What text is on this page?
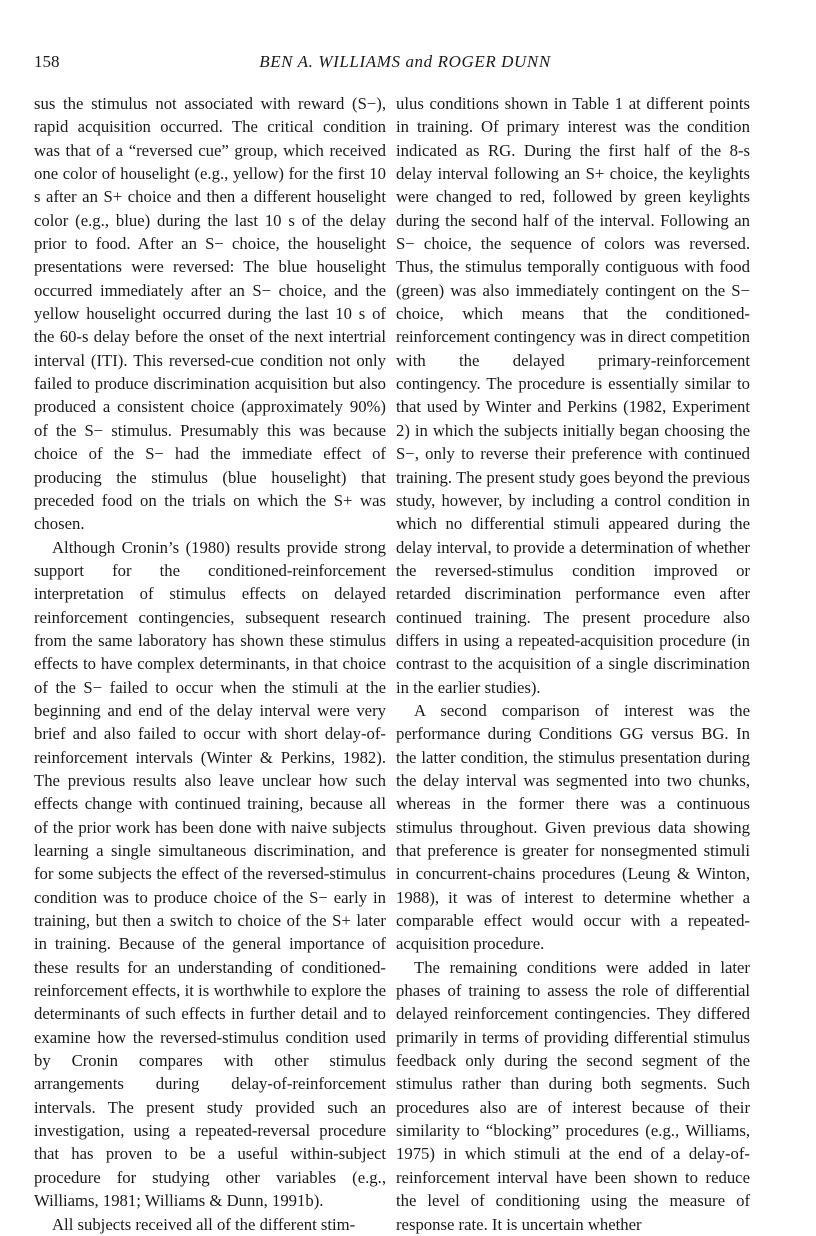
158	BEN A. WILLIAMS and ROGER DUNN

sus the stimulus not associated with reward (S−), rapid acquisition occurred. The critical condition was that of a “reversed cue” group, which received one color of houselight (e.g., yellow) for the first 10 s after an S+ choice and then a different houselight color (e.g., blue) during the last 10 s of the delay prior to food. After an S− choice, the houselight presentations were reversed: The blue houselight occurred immediately after an S− choice, and the yellow houselight occurred during the last 10 s of the 60-s delay before the onset of the next intertrial interval (ITI). This reversed-cue condition not only failed to produce discrimination acquisition but also produced a consistent choice (approximately 90%) of the S− stimulus. Presumably this was because choice of the S− had the immediate effect of producing the stimulus (blue houselight) that preceded food on the trials on which the S+ was chosen.

Although Cronin’s (1980) results provide strong support for the conditioned-reinforcement interpretation of stimulus effects on delayed reinforcement contingencies, subsequent research from the same laboratory has shown these stimulus effects to have complex determinants, in that choice of the S− failed to occur when the stimuli at the beginning and end of the delay interval were very brief and also failed to occur with short delay-of-reinforcement intervals (Winter & Perkins, 1982). The previous results also leave unclear how such effects change with continued training, because all of the prior work has been done with naive subjects learning a single simultaneous discrimination, and for some subjects the effect of the reversed-stimulus condition was to produce choice of the S− early in training, but then a switch to choice of the S+ later in training. Because of the general importance of these results for an understanding of conditioned-reinforcement effects, it is worthwhile to explore the determinants of such effects in further detail and to examine how the reversed-stimulus condition used by Cronin compares with other stimulus arrangements during delay-of-reinforcement intervals. The present study provided such an investigation, using a repeated-reversal procedure that has proven to be a useful within-subject procedure for studying other variables (e.g., Williams, 1981; Williams & Dunn, 1991b).

All subjects received all of the different stim-

ulus conditions shown in Table 1 at different points in training. Of primary interest was the condition indicated as RG. During the first half of the 8-s delay interval following an S+ choice, the keylights were changed to red, followed by green keylights during the second half of the interval. Following an S− choice, the sequence of colors was reversed. Thus, the stimulus temporally contiguous with food (green) was also immediately contingent on the S− choice, which means that the conditioned-reinforcement contingency was in direct competition with the delayed primary-reinforcement contingency. The procedure is essentially similar to that used by Winter and Perkins (1982, Experiment 2) in which the subjects initially began choosing the S−, only to reverse their preference with continued training. The present study goes beyond the previous study, however, by including a control condition in which no differential stimuli appeared during the delay interval, to provide a determination of whether the reversed-stimulus condition improved or retarded discrimination performance even after continued training. The present procedure also differs in using a repeated-acquisition procedure (in contrast to the acquisition of a single discrimination in the earlier studies).

A second comparison of interest was the performance during Conditions GG versus BG. In the latter condition, the stimulus presentation during the delay interval was segmented into two chunks, whereas in the former there was a continuous stimulus throughout. Given previous data showing that preference is greater for nonsegmented stimuli in concurrent-chains procedures (Leung & Winton, 1988), it was of interest to determine whether a comparable effect would occur with a repeated-acquisition procedure.

The remaining conditions were added in later phases of training to assess the role of differential delayed reinforcement contingencies. They differed primarily in terms of providing differential stimulus feedback only during the second segment of the stimulus rather than during both segments. Such procedures also are of interest because of their similarity to “blocking” procedures (e.g., Williams, 1975) in which stimuli at the end of a delay-of-reinforcement interval have been shown to reduce the level of conditioning using the measure of response rate. It is uncertain whether
